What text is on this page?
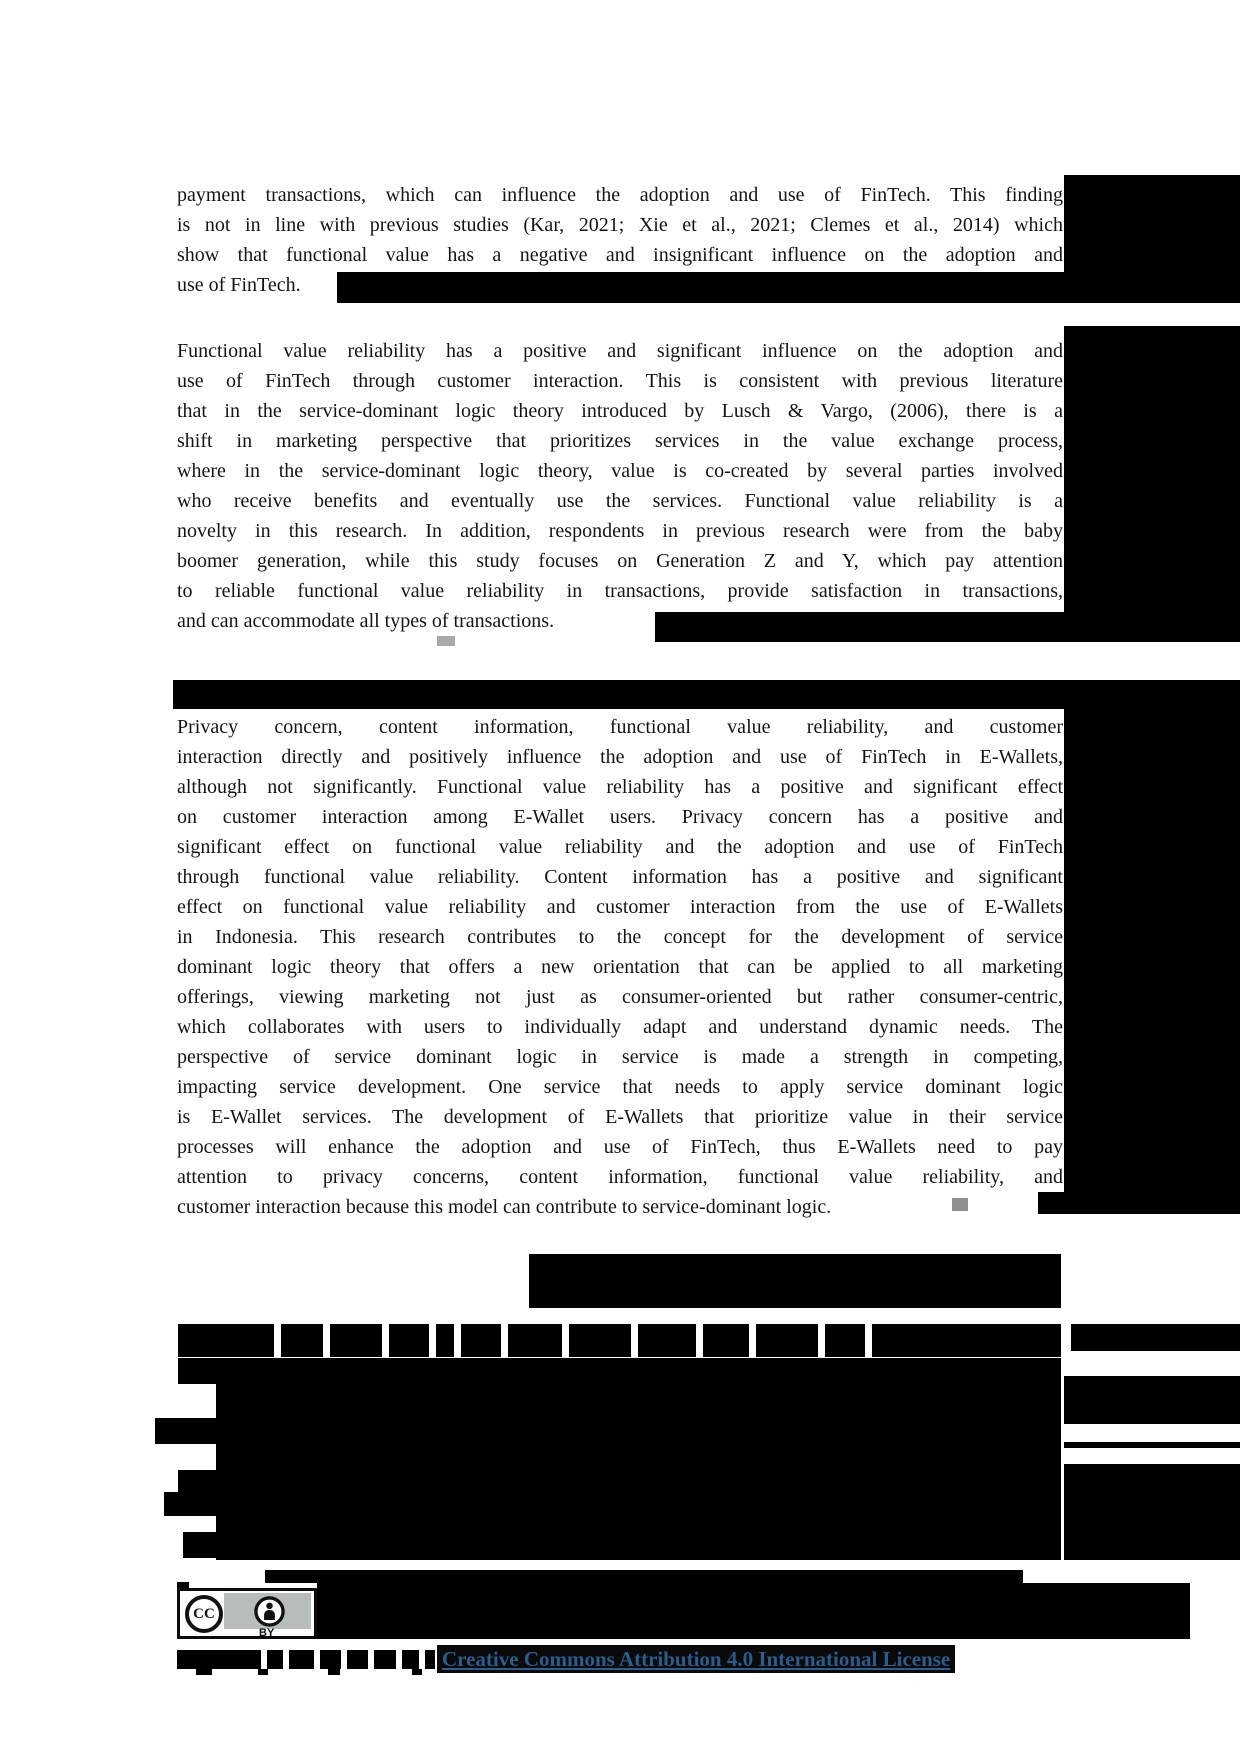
payment transactions, which can influence the adoption and use of FinTech. This finding
is not in line with previous studies (Kar, 2021; Xie et al., 2021; Clemes et al., 2014) which
show that functional value has a negative and insignificant influence on the adoption and
use of FinTech.
Functional value reliability has a positive and significant influence on the adoption and
use of FinTech through customer interaction. This is consistent with previous literature
that in the service-dominant logic theory introduced by Lusch & Vargo, (2006), there is a
shift in marketing perspective that prioritizes services in the value exchange process,
where in the service-dominant logic theory, value is co-created by several parties involved
who receive benefits and eventually use the services. Functional value reliability is a
novelty in this research. In addition, respondents in previous research were from the baby
boomer generation, while this study focuses on Generation Z and Y, which pay attention
to reliable functional value reliability in transactions, provide satisfaction in transactions,
and can accommodate all types of transactions.
Privacy concern, content information, functional value reliability, and customer
interaction directly and positively influence the adoption and use of FinTech in E-Wallets,
although not significantly. Functional value reliability has a positive and significant effect
on customer interaction among E-Wallet users. Privacy concern has a positive and
significant effect on functional value reliability and the adoption and use of FinTech
through functional value reliability. Content information has a positive and significant
effect on functional value reliability and customer interaction from the use of E-Wallets
in Indonesia. This research contributes to the concept for the development of service
dominant logic theory that offers a new orientation that can be applied to all marketing
offerings, viewing marketing not just as consumer-oriented but rather consumer-centric,
which collaborates with users to individually adapt and understand dynamic needs. The
perspective of service dominant logic in service is made a strength in competing,
impacting service development. One service that needs to apply service dominant logic
is E-Wallet services. The development of E-Wallets that prioritize value in their service
processes will enhance the adoption and use of FinTech, thus E-Wallets need to pay
attention to privacy concerns, content information, functional value reliability, and
customer interaction because this model can contribute to service-dominant logic.
CC
BY
Creative Commons Attribution 4.0 International License
